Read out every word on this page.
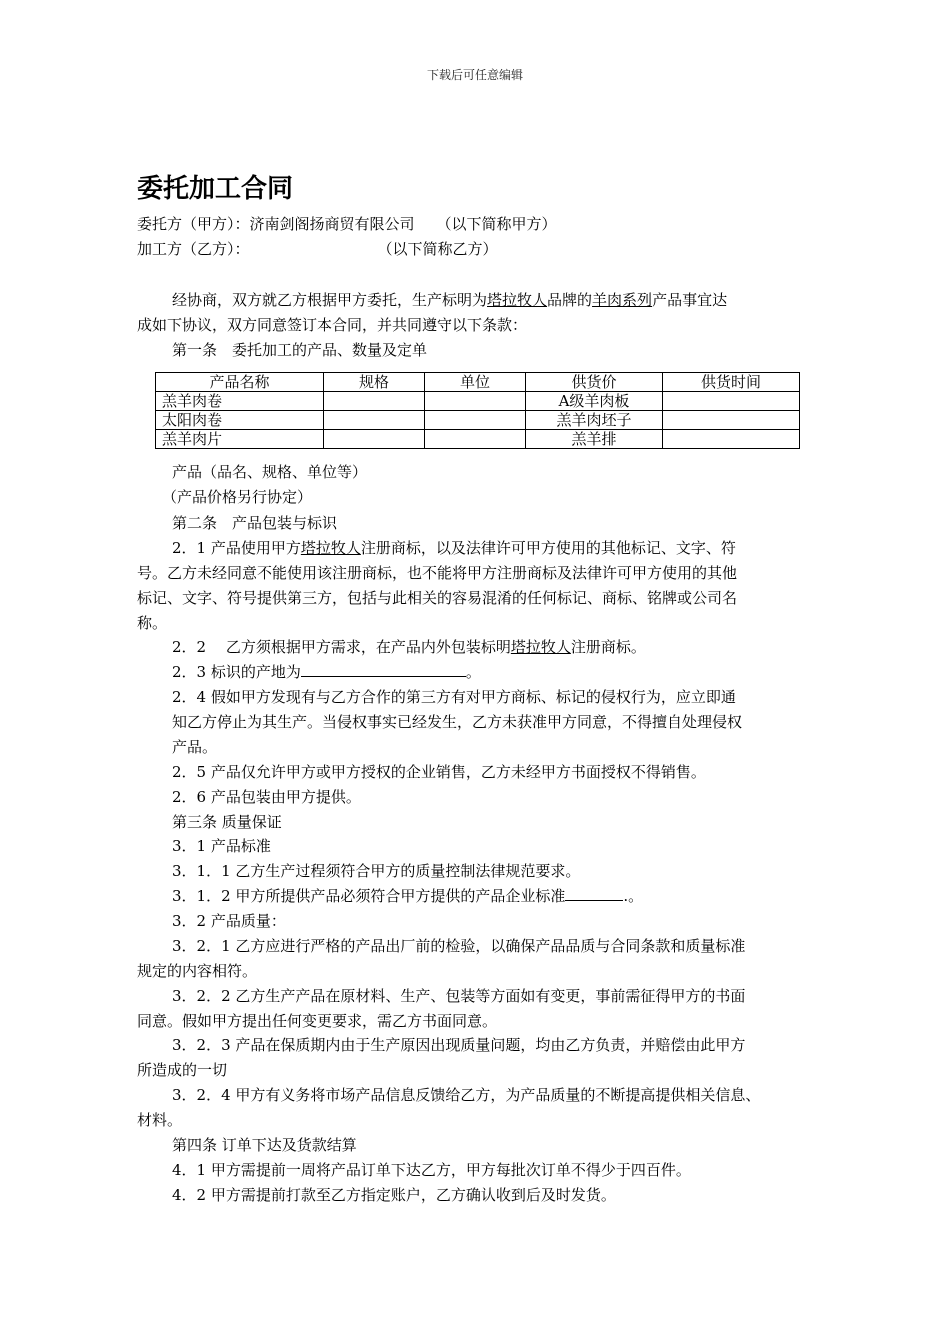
下载后可任意编辑
委托加工合同
委托方（甲方）：济南剑阁扬商贸有限公司 （以下简称甲方）
加工方（乙方）：	（以下简称乙方）
经协商，双方就乙方根据甲方委托，生产标明为塔拉牧人品牌的羊肉系列产品事宜达
成如下协议，双方同意签订本合同，并共同遵守以下条款：
第一条　委托加工的产品、数量及定单
产品名称	规格	单位	供货价	供货时间
羔羊肉卷			A级羊肉板	
太阳肉卷			羔羊肉坯子	
羔羊肉片			羔羊排	
产品（品名、规格、单位等）
（产品价格另行协定）
第二条　产品包装与标识
2．1 产品使用甲方塔拉牧人注册商标，以及法律许可甲方使用的其他标记、文字、符
号。乙方未经同意不能使用该注册商标，也不能将甲方注册商标及法律许可甲方使用的其他
标记、文字、符号提供第三方，包括与此相关的容易混淆的任何标记、商标、铭牌或公司名
称。
2．2　 乙方须根据甲方需求，在产品内外包装标明塔拉牧人注册商标。
2．3 标识的产地为	。
2．4 假如甲方发现有与乙方合作的第三方有对甲方商标、标记的侵权行为，应立即通
知乙方停止为其生产。当侵权事实已经发生，乙方未获准甲方同意，不得擅自处理侵权
产品。
2．5 产品仅允许甲方或甲方授权的企业销售，乙方未经甲方书面授权不得销售。
2．6 产品包装由甲方提供。
第三条 质量保证
3．1 产品标准
3．1．1 乙方生产过程须符合甲方的质量控制法律规范要求。
3．1．2 甲方所提供产品必须符合甲方提供的产品企业标准	.。
3．2 产品质量：
3．2．1 乙方应进行严格的产品出厂前的检验，以确保产品品质与合同条款和质量标准
规定的内容相符。
3．2．2 乙方生产产品在原材料、生产、包装等方面如有变更，事前需征得甲方的书面
同意。假如甲方提出任何变更要求，需乙方书面同意。
3．2．3 产品在保质期内由于生产原因出现质量问题，均由乙方负责，并赔偿由此甲方
所造成的一切
3．2．4 甲方有义务将市场产品信息反馈给乙方，为产品质量的不断提高提供相关信息、
材料。
第四条 订单下达及货款结算
4．1 甲方需提前一周将产品订单下达乙方，甲方每批次订单不得少于四百件。
4．2 甲方需提前打款至乙方指定账户，乙方确认收到后及时发货。
